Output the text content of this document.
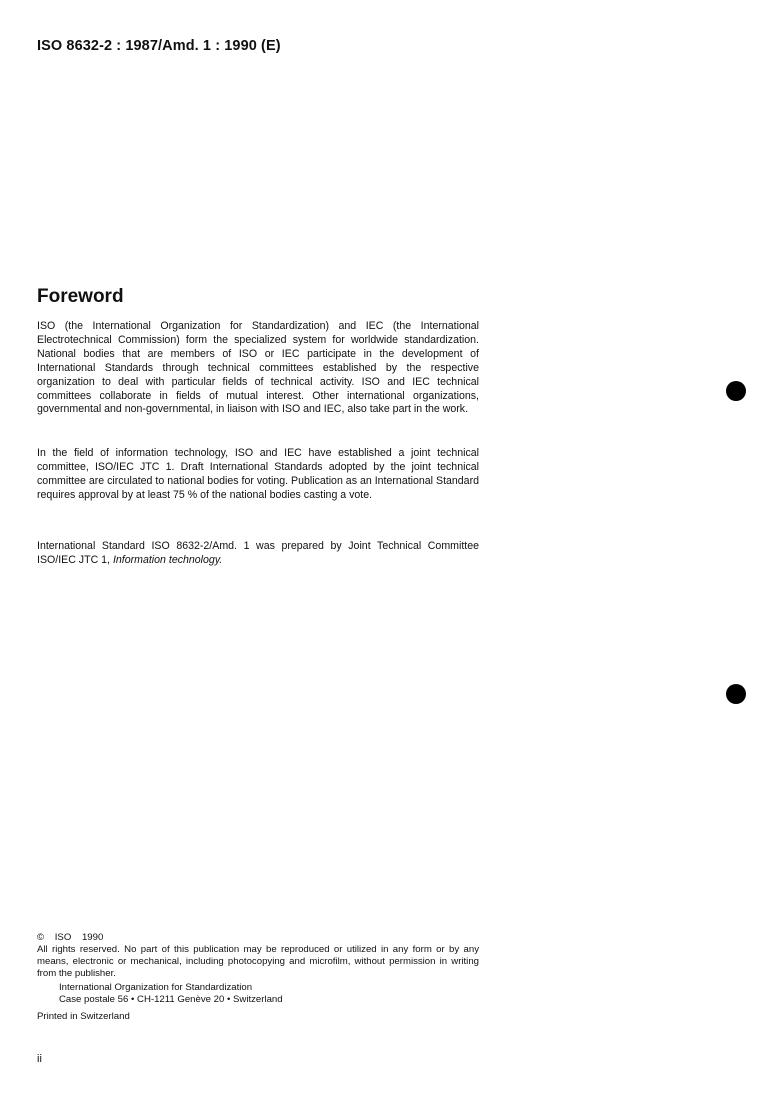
ISO 8632-2 : 1987/Amd. 1 : 1990 (E)
Foreword

ISO (the International Organization for Standardization) and IEC (the International Electrotechnical Commission) form the specialized system for worldwide standardization. National bodies that are members of ISO or IEC participate in the development of International Standards through technical committees established by the respective organization to deal with particular fields of technical activity. ISO and IEC technical committees collaborate in fields of mutual interest. Other international organizations, governmental and non-governmental, in liaison with ISO and IEC, also take part in the work.

In the field of information technology, ISO and IEC have established a joint technical committee, ISO/IEC JTC 1. Draft International Standards adopted by the joint technical committee are circulated to national bodies for voting. Publication as an International Standard requires approval by at least 75 % of the national bodies casting a vote.

International Standard ISO 8632-2/Amd. 1 was prepared by Joint Technical Committee ISO/IEC JTC 1, Information technology.

© ISO 1990

All rights reserved. No part of this publication may be reproduced or utilized in any form or by any means, electronic or mechanical, including photocopying and microfilm, without permission in writing from the publisher.

International Organization for Standardization

Case postale 56 • CH-1211 Genève 20 • Switzerland

Printed in Switzerland

ii
